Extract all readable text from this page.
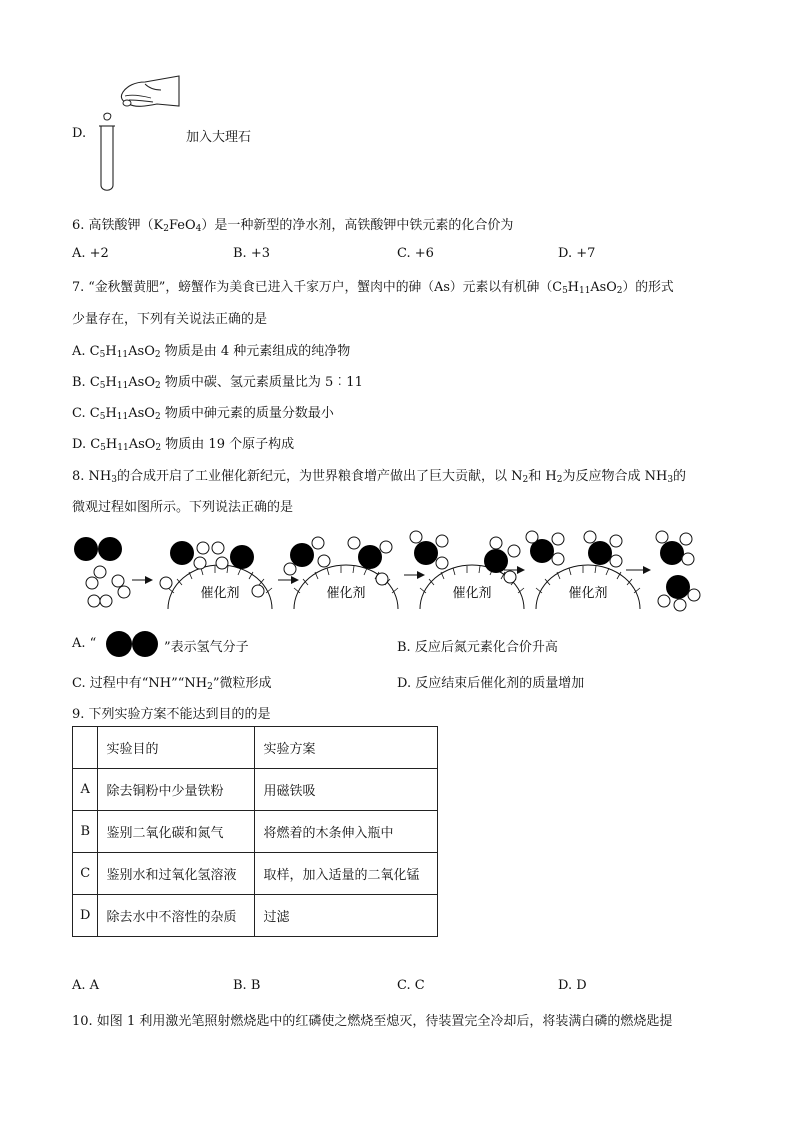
D.	加入大理石
6. 高铁酸钾$(K_2FeO_4)$是一种新型的净水剂，高铁酸钾中铁元素的化合价为
A. +2	B. +3	C. +6	D. +7
7. “金秋蟹黄肥”，螃蟹作为美食已进入千家万户，蟹肉中的砷（As）元素以有机砷$(C_5H_{11}AsO_2)$的形式
少量存在，下列有关说法正确的是
A. $C_5H_{11}AsO_2$ 物质是由 4 种元素组成的纯净物
B. $C_5H_{11}AsO_2$ 物质中碳、氢元素质量比为 5︰11
C. $C_5H_{11}AsO_2$ 物质中砷元素的质量分数最小
D. $C_5H_{11}AsO_2$ 物质由 19 个原子构成
8. $NH_3$的合成开启了工业催化新纪元，为世界粮食增产做出了巨大贡献，以 $N_2$和 $H_2$为反应物合成 $NH_3$的
微观过程如图所示。下列说法正确的是
催化剂	催化剂	催化剂	催化剂
A. “	”表示氢气分子	B. 反应后氮元素化合价升高
C. 过程中有“$NH”“NH_2$”微粒形成	D. 反应结束后催化剂的质量增加
9. 下列实验方案不能达到目的的是
	实验目的	实验方案
A	除去铜粉中少量铁粉	用磁铁吸
B	鉴别二氧化碳和氮气	将燃着的木条伸入瓶中
C	鉴别水和过氧化氢溶液	取样，加入适量的二氧化锰
D	除去水中不溶性的杂质	过滤
A. A	B. B	C. C	D. D
10. 如图 1 利用激光笔照射燃烧匙中的红磷使之燃烧至熄灭，待装置完全冷却后，将装满白磷的燃烧匙提
